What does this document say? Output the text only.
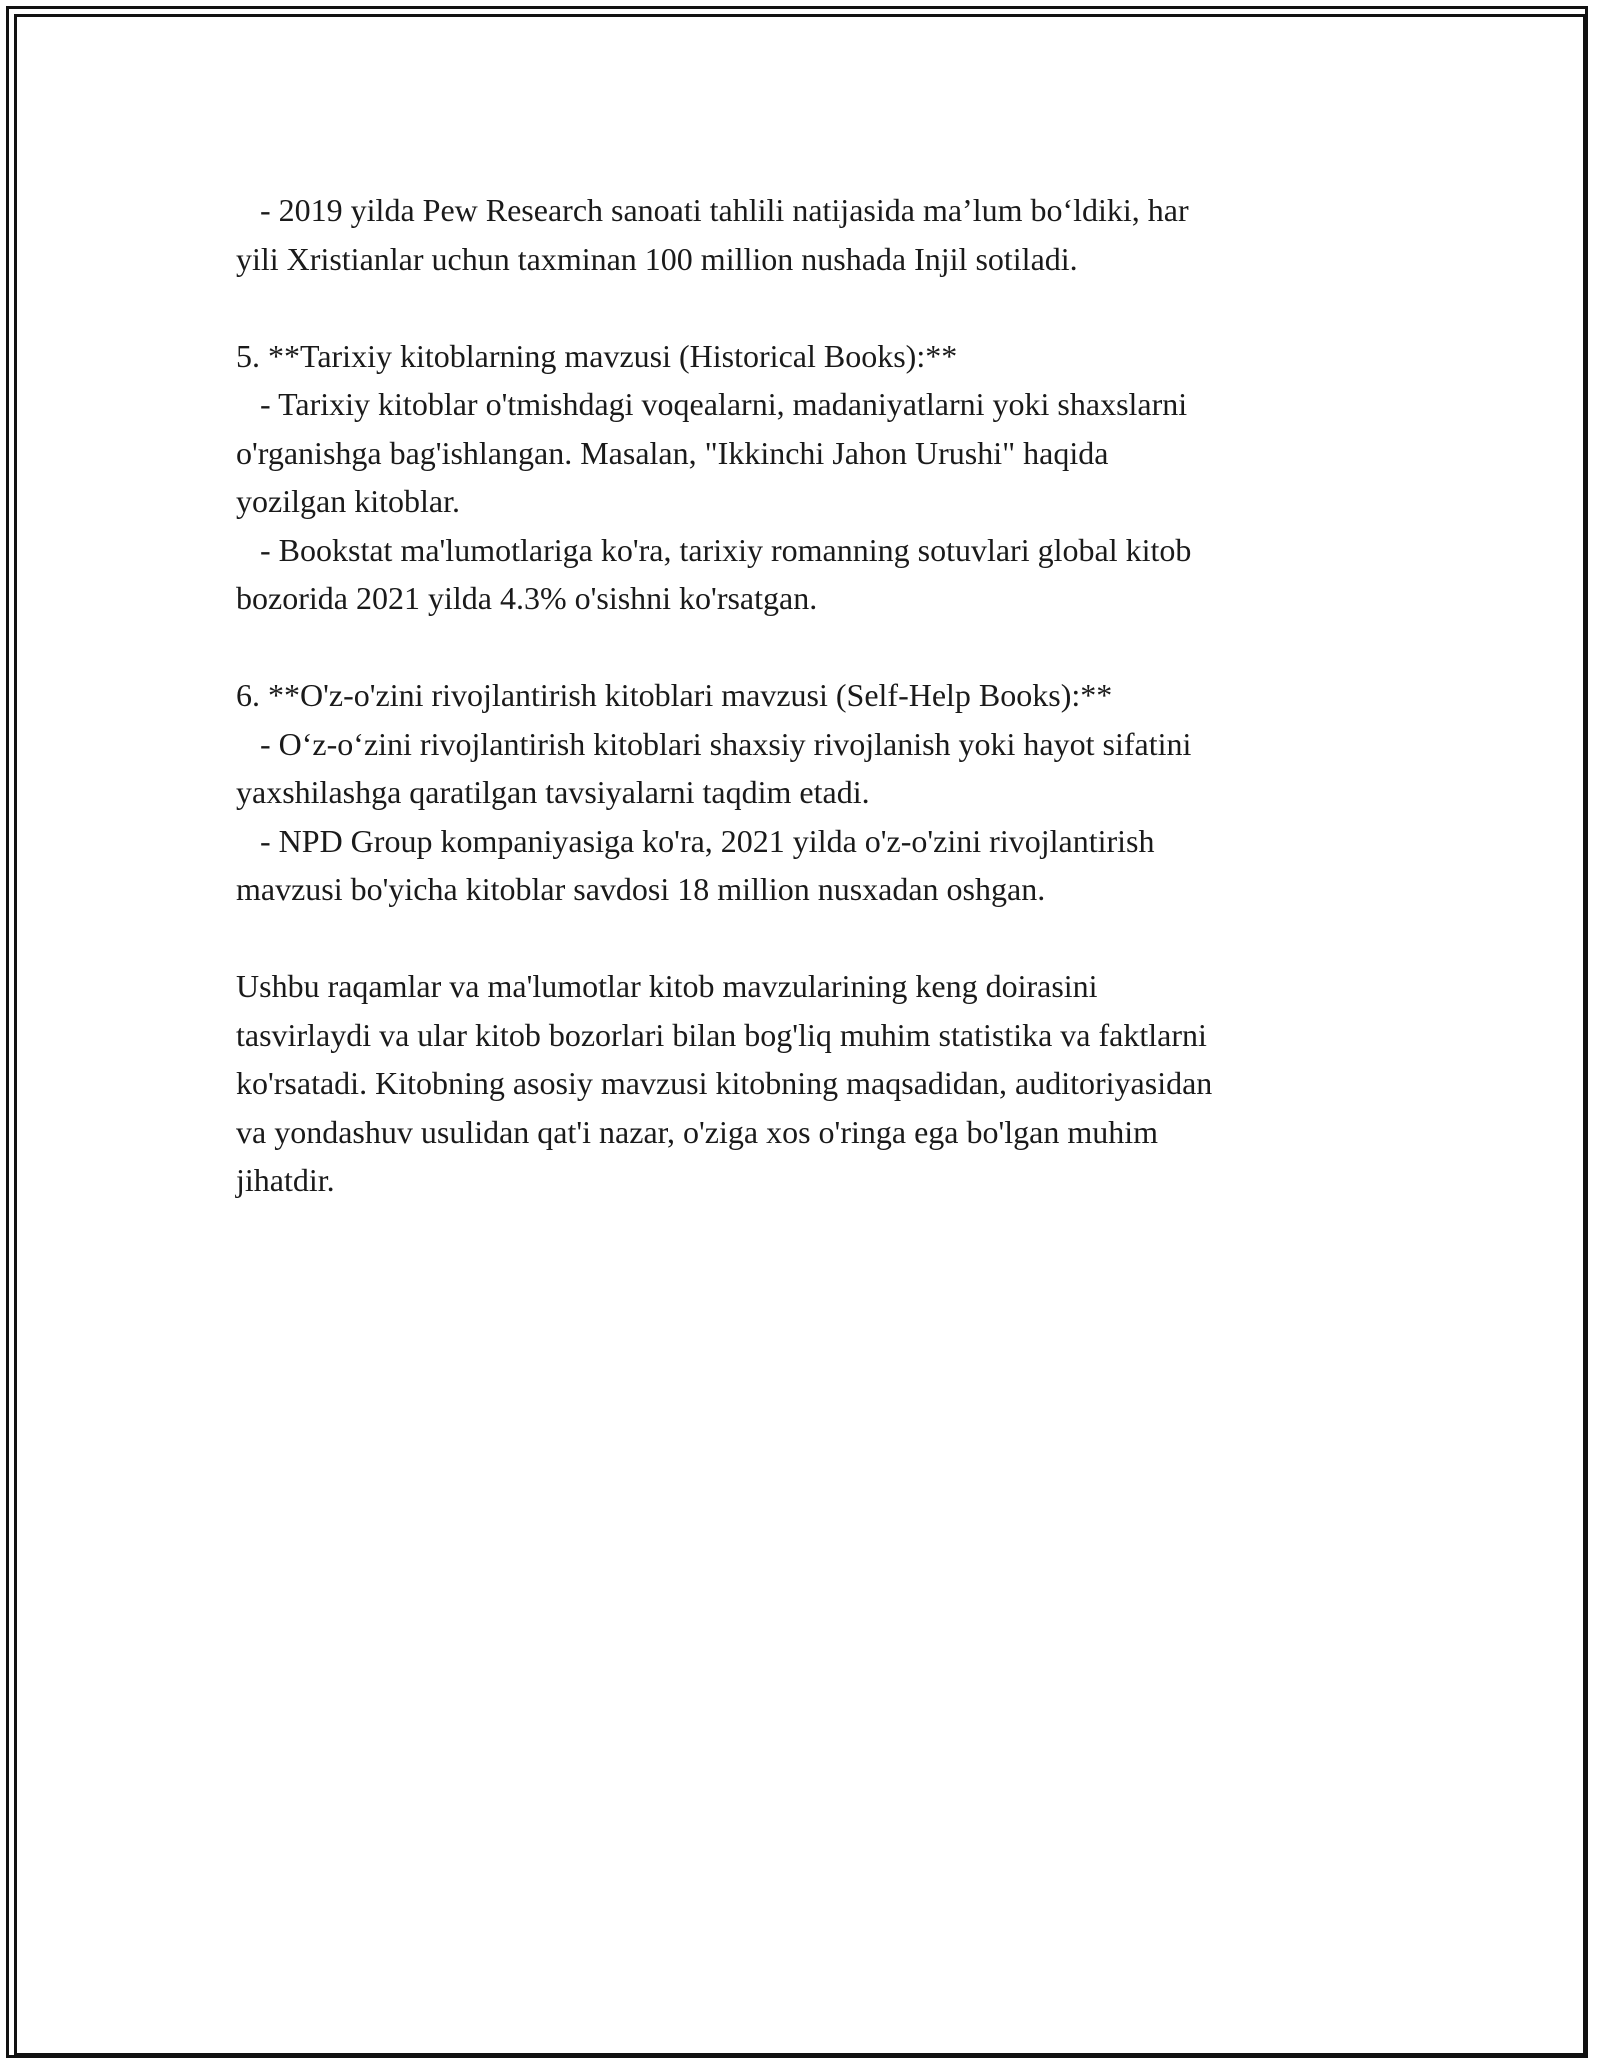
- 2019 yilda Pew Research sanoati tahlili natijasida ma’lum bo‘ldiki, har
yili Xristianlar uchun taxminan 100 million nushada Injil sotiladi.
5. **Tarixiy kitoblarning mavzusi (Historical Books):**
- Tarixiy kitoblar o'tmishdagi voqealarni, madaniyatlarni yoki shaxslarni
o'rganishga bag'ishlangan. Masalan, "Ikkinchi Jahon Urushi" haqida
yozilgan kitoblar.
- Bookstat ma'lumotlariga ko'ra, tarixiy romanning sotuvlari global kitob
bozorida 2021 yilda 4.3% o'sishni ko'rsatgan.
6. **O'z-o'zini rivojlantirish kitoblari mavzusi (Self-Help Books):**
- O‘z-o‘zini rivojlantirish kitoblari shaxsiy rivojlanish yoki hayot sifatini
yaxshilashga qaratilgan tavsiyalarni taqdim etadi.
- NPD Group kompaniyasiga ko'ra, 2021 yilda o'z-o'zini rivojlantirish
mavzusi bo'yicha kitoblar savdosi 18 million nusxadan oshgan.
Ushbu raqamlar va ma'lumotlar kitob mavzularining keng doirasini
tasvirlaydi va ular kitob bozorlari bilan bog'liq muhim statistika va faktlarni
ko'rsatadi. Kitobning asosiy mavzusi kitobning maqsadidan, auditoriyasidan
va yondashuv usulidan qat'i nazar, o'ziga xos o'ringa ega bo'lgan muhim
jihatdir.
